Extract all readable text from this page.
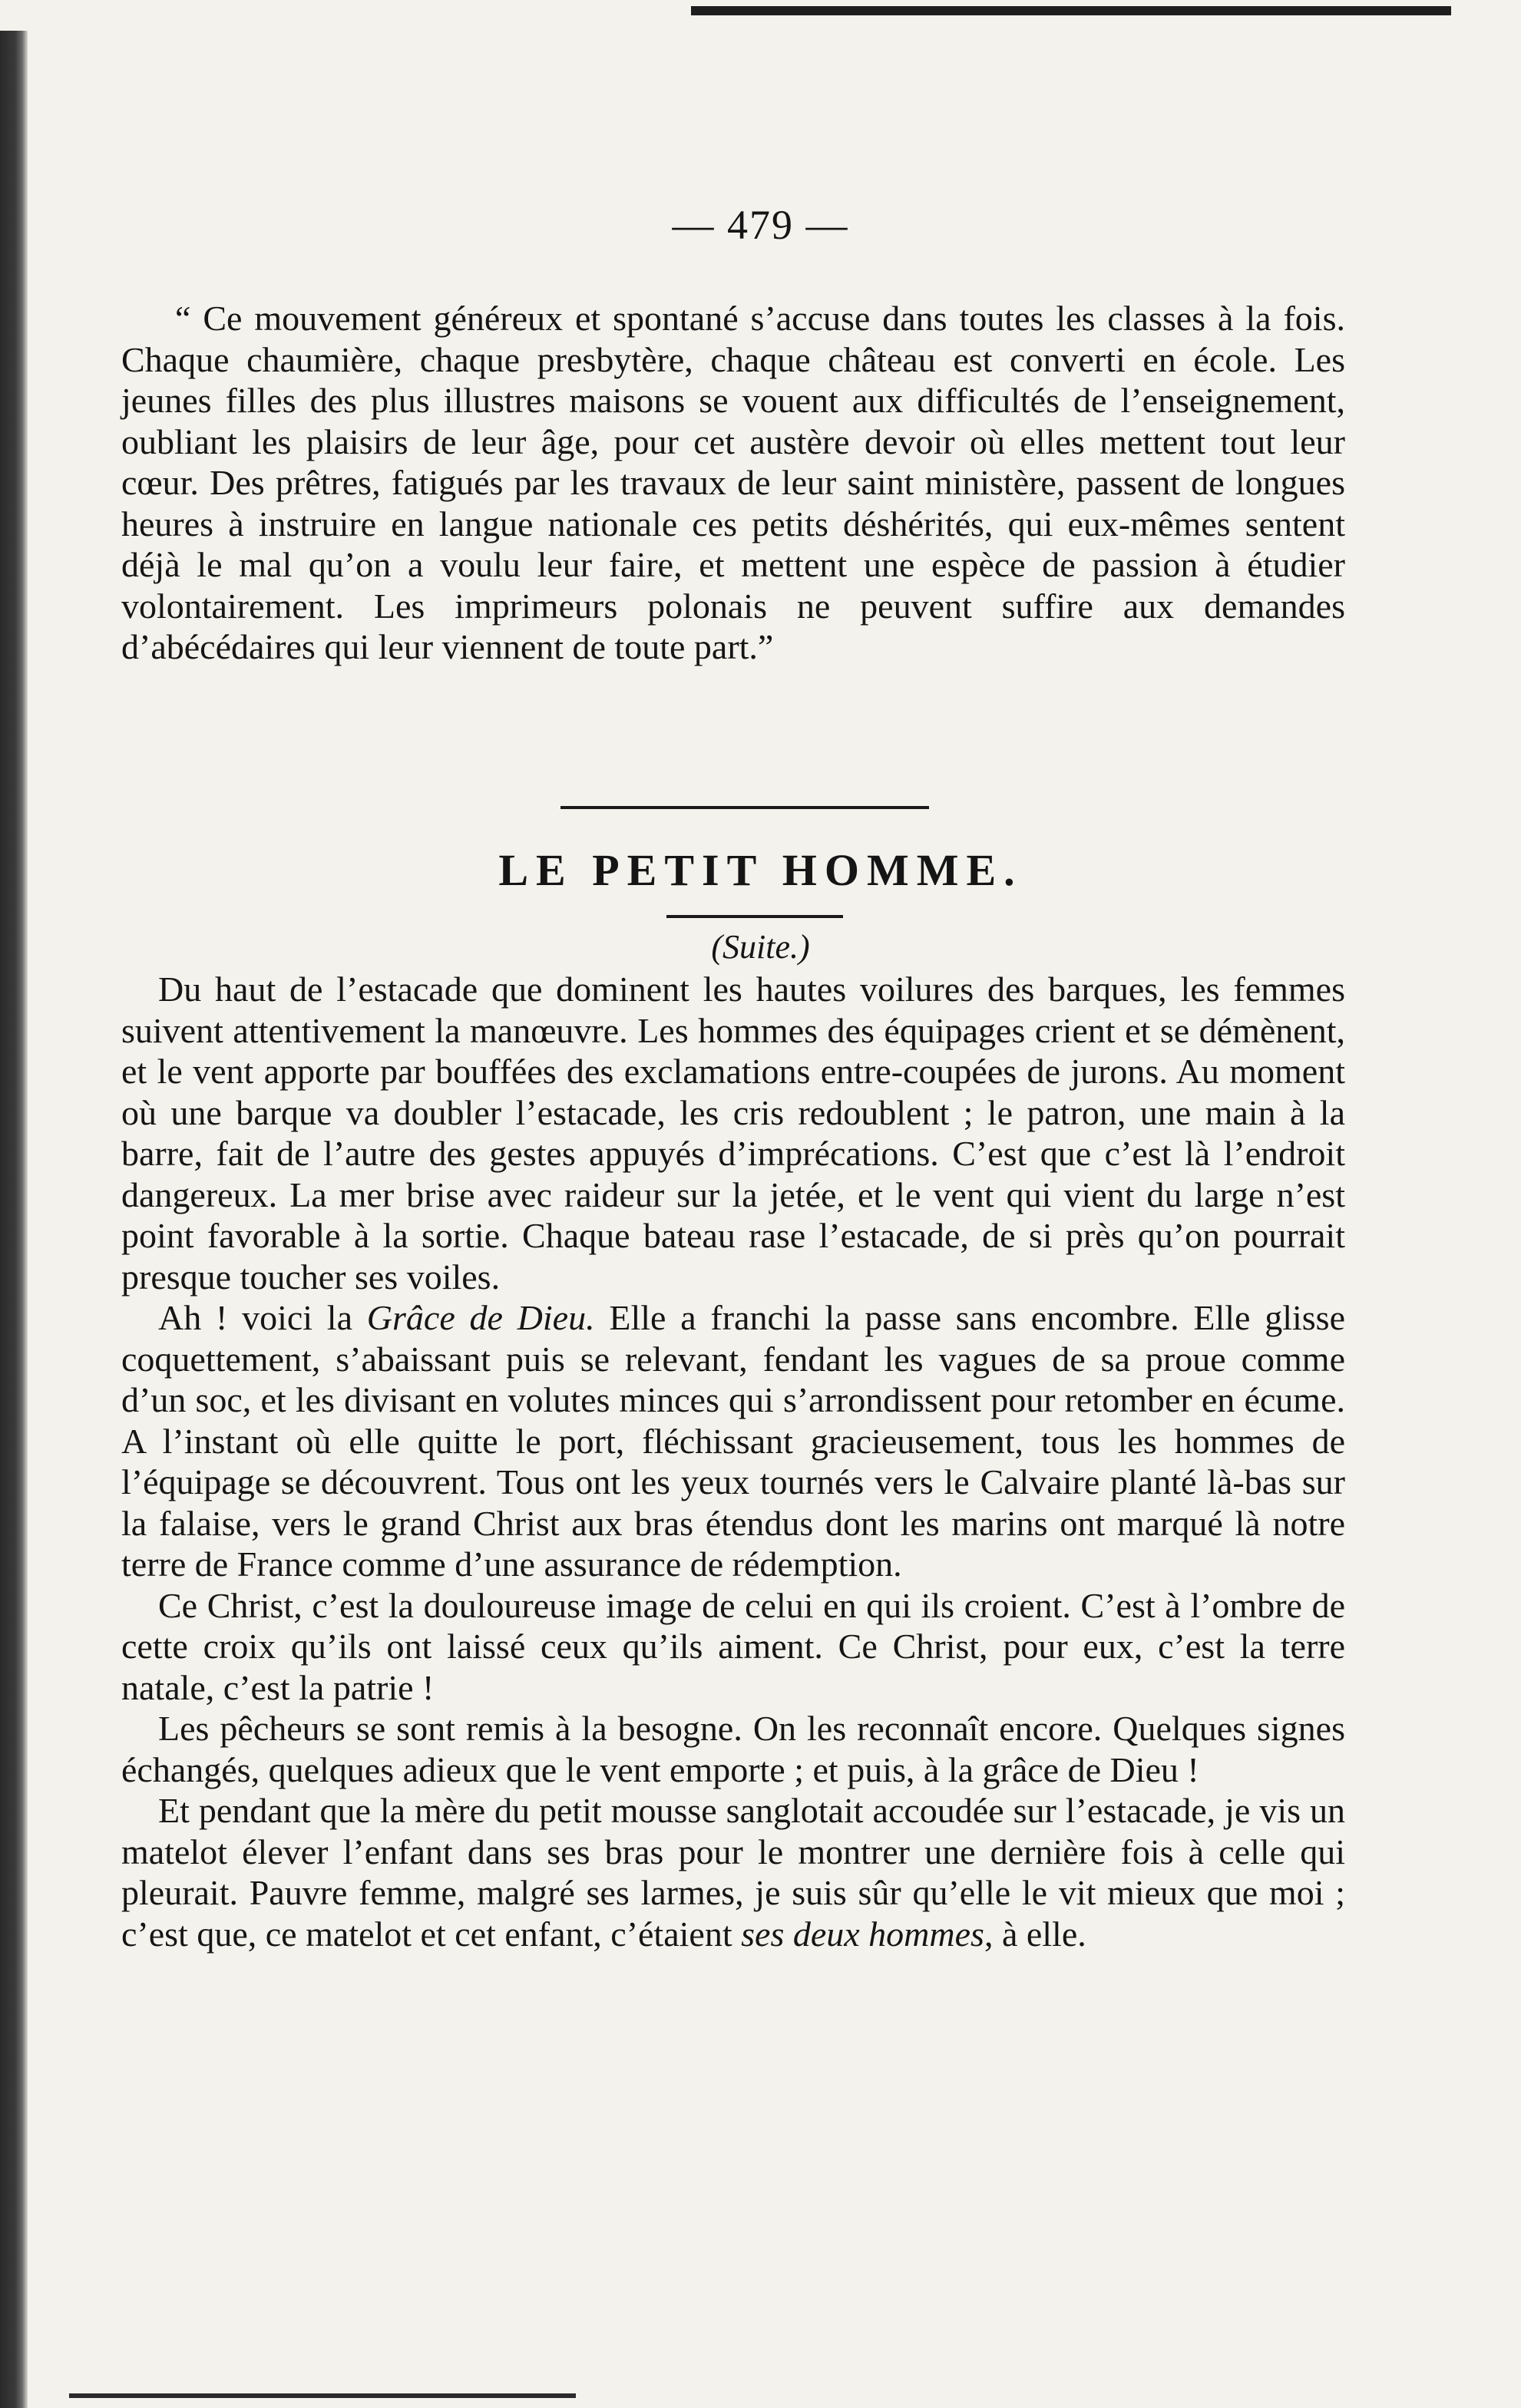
— 479 —

“ Ce mouvement généreux et spontané s’accuse dans toutes les classes à la fois. Chaque chaumière, chaque presbytère, chaque château est converti en école. Les jeunes filles des plus illustres maisons se vouent aux difficultés de l’enseignement, oubliant les plaisirs de leur âge, pour cet austère devoir où elles mettent tout leur cœur. Des prêtres, fatigués par les travaux de leur saint ministère, passent de longues heures à instruire en langue nationale ces petits déshérités, qui eux-mêmes sentent déjà le mal qu’on a voulu leur faire, et mettent une espèce de passion à étudier volontairement. Les imprimeurs polonais ne peuvent suffire aux demandes d’abécédaires qui leur viennent de toute part.”

LE PETIT HOMME.
(Suite.)

Du haut de l’estacade que dominent les hautes voilures des barques, les femmes suivent attentivement la manœuvre. Les hommes des équipages crient et se démènent, et le vent apporte par bouffées des exclamations entre-coupées de jurons. Au moment où une barque va doubler l’estacade, les cris redoublent ; le patron, une main à la barre, fait de l’autre des gestes appuyés d’imprécations. C’est que c’est là l’endroit dangereux. La mer brise avec raideur sur la jetée, et le vent qui vient du large n’est point favorable à la sortie. Chaque bateau rase l’estacade, de si près qu’on pourrait presque toucher ses voiles.

Ah ! voici la Grâce de Dieu. Elle a franchi la passe sans encombre. Elle glisse coquettement, s’abaissant puis se relevant, fendant les vagues de sa proue comme d’un soc, et les divisant en volutes minces qui s’arrondissent pour retomber en écume. A l’instant où elle quitte le port, fléchissant gracieusement, tous les hommes de l’équipage se découvrent. Tous ont les yeux tournés vers le Calvaire planté là-bas sur la falaise, vers le grand Christ aux bras étendus dont les marins ont marqué là notre terre de France comme d’une assurance de rédemption.

Ce Christ, c’est la douloureuse image de celui en qui ils croient. C’est à l’ombre de cette croix qu’ils ont laissé ceux qu’ils aiment. Ce Christ, pour eux, c’est la terre natale, c’est la patrie !

Les pêcheurs se sont remis à la besogne. On les reconnaît encore. Quelques signes échangés, quelques adieux que le vent emporte ; et puis, à la grâce de Dieu !

Et pendant que la mère du petit mousse sanglotait accoudée sur l’estacade, je vis un matelot élever l’enfant dans ses bras pour le montrer une dernière fois à celle qui pleurait. Pauvre femme, malgré ses larmes, je suis sûr qu’elle le vit mieux que moi ; c’est que, ce matelot et cet enfant, c’étaient ses deux hommes, à elle.
